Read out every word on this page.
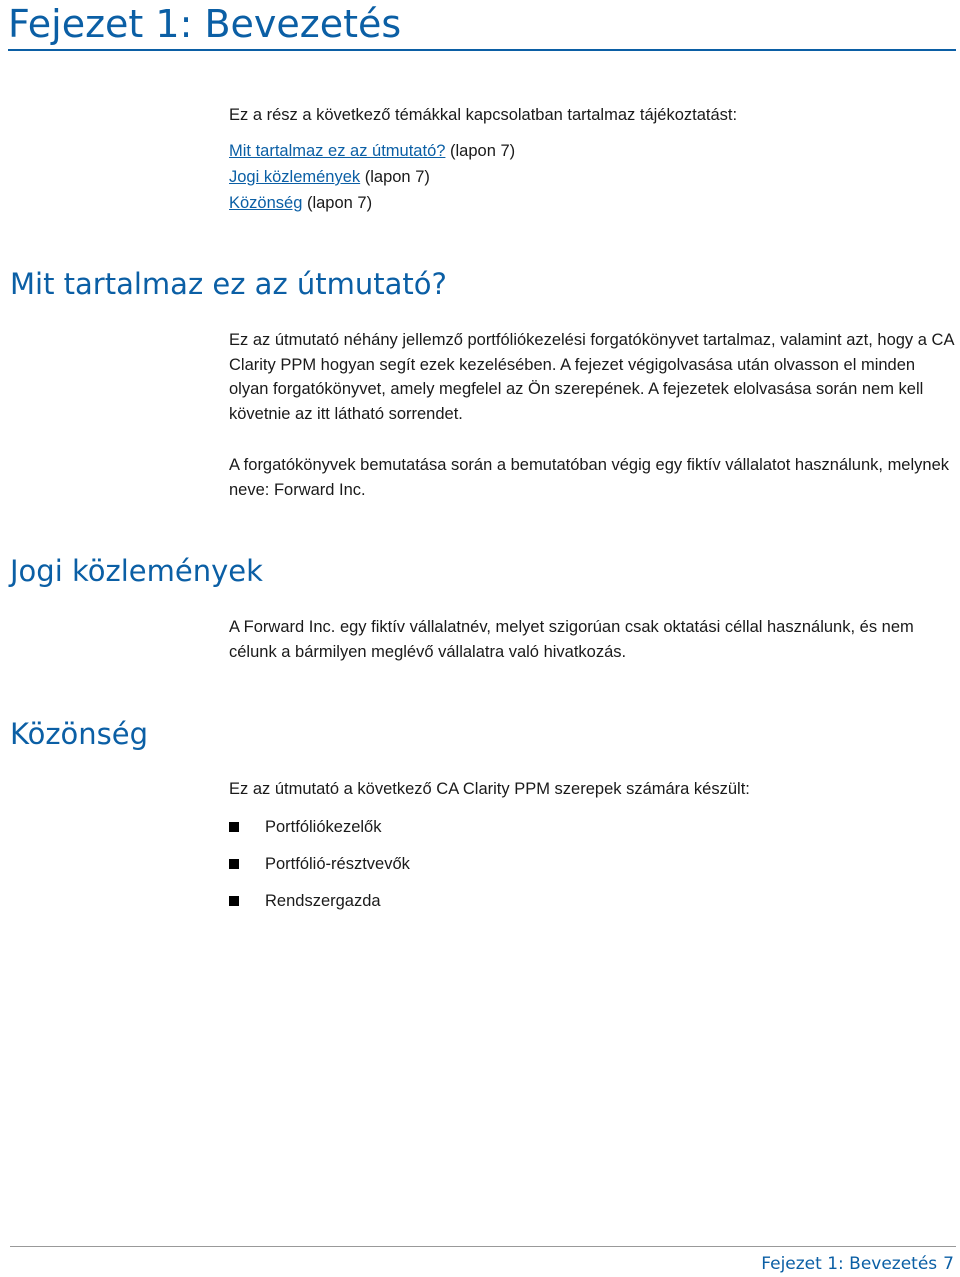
Fejezet 1: Bevezetés

Ez a rész a következő témákkal kapcsolatban tartalmaz tájékoztatást:

Mit tartalmaz ez az útmutató? (lapon 7)
Jogi közlemények (lapon 7)
Közönség (lapon 7)
Mit tartalmaz ez az útmutató?

Ez az útmutató néhány jellemző portfóliókezelési forgatókönyvet tartalmaz, valamint azt, hogy a CA Clarity PPM hogyan segít ezek kezelésében. A fejezet végigolvasása után olvasson el minden olyan forgatókönyvet, amely megfelel az Ön szerepének. A fejezetek elolvasása során nem kell követnie az itt látható sorrendet.

A forgatókönyvek bemutatása során a bemutatóban végig egy fiktív vállalatot használunk, melynek neve: Forward Inc.

Jogi közlemények

A Forward Inc. egy fiktív vállalatnév, melyet szigorúan csak oktatási céllal használunk, és nem célunk a bármilyen meglévő vállalatra való hivatkozás.

Közönség

Ez az útmutató a következő CA Clarity PPM szerepek számára készült:

Portfóliókezelők
Portfólió-résztvevők
Rendszergazda
Fejezet 1: Bevezetés 7
